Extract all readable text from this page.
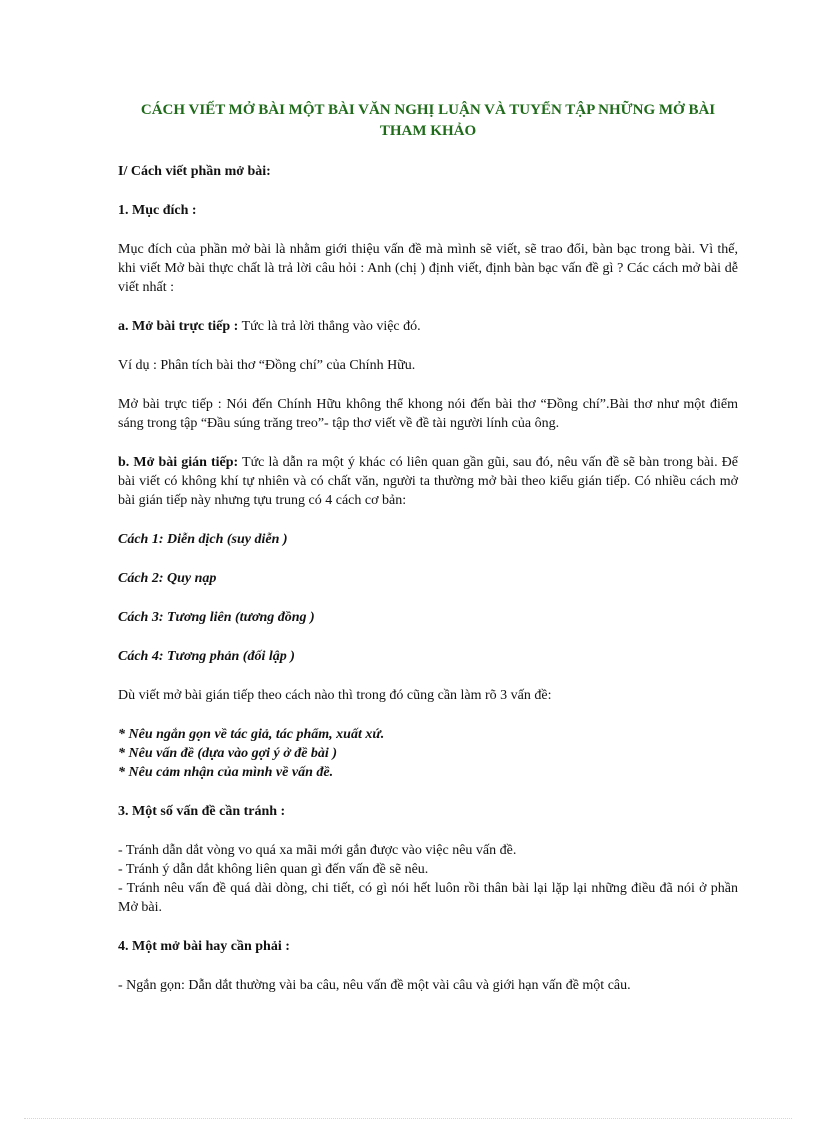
CÁCH VIẾT MỞ BÀI MỘT BÀI VĂN NGHỊ LUẬN VÀ TUYỂN TẬP NHỮNG MỞ BÀI THAM KHẢO
I/ Cách viết phần mở bài:
1. Mục đích :
Mục đích của phần mở bài là nhằm giới thiệu vấn đề mà mình sẽ viết, sẽ trao đổi, bàn bạc trong bài. Vì thế, khi viết Mở bài thực chất là trả lời câu hỏi : Anh (chị ) định viết, định bàn bạc vấn đề gì ? Các cách mở bài dễ viết nhất :
a. Mở bài trực tiếp : Tức là trả lời thẳng vào việc đó.
Ví dụ : Phân tích bài thơ “Đồng chí” của Chính Hữu.
Mở bài trực tiếp : Nói đến Chính Hữu không thể khong nói đến bài thơ “Đồng chí”.Bài thơ như một điểm sáng trong tập “Đầu súng trăng treo”- tập thơ viết về đề tài người lính của ông.
b. Mở bài gián tiếp: Tức là dẫn ra một ý khác có liên quan gần gũi, sau đó, nêu vấn đề sẽ bàn trong bài. Để bài viết có không khí tự nhiên và có chất văn, người ta thường mở bài theo kiểu gián tiếp. Có nhiều cách mở bài gián tiếp này nhưng tựu trung có 4 cách cơ bản:
Cách 1: Diễn dịch (suy diễn )
Cách 2: Quy nạp
Cách 3: Tương liên (tương đồng )
Cách 4: Tương phản (đối lập )
Dù viết mở bài gián tiếp theo cách nào thì trong đó cũng cần làm rõ 3 vấn đề:
* Nêu ngắn gọn về tác giả, tác phẩm, xuất xứ.
* Nêu vấn đề (dựa vào gợi ý ở đề bài )
* Nêu cảm nhận của mình về vấn đề.
3. Một số vấn đề cần tránh :
- Tránh dẫn dắt vòng vo quá xa mãi mới gắn được vào việc nêu vấn đề.
- Tránh ý dẫn dắt không liên quan gì đến vấn đề sẽ nêu.
- Tránh nêu vấn đề quá dài dòng, chi tiết, có gì nói hết luôn rồi thân bài lại lặp lại những điều đã nói ở phần Mở bài.
4. Một mở bài hay cần phải :
- Ngắn gọn: Dẫn dắt thường vài ba câu, nêu vấn đề một vài câu và giới hạn vấn đề một câu.
